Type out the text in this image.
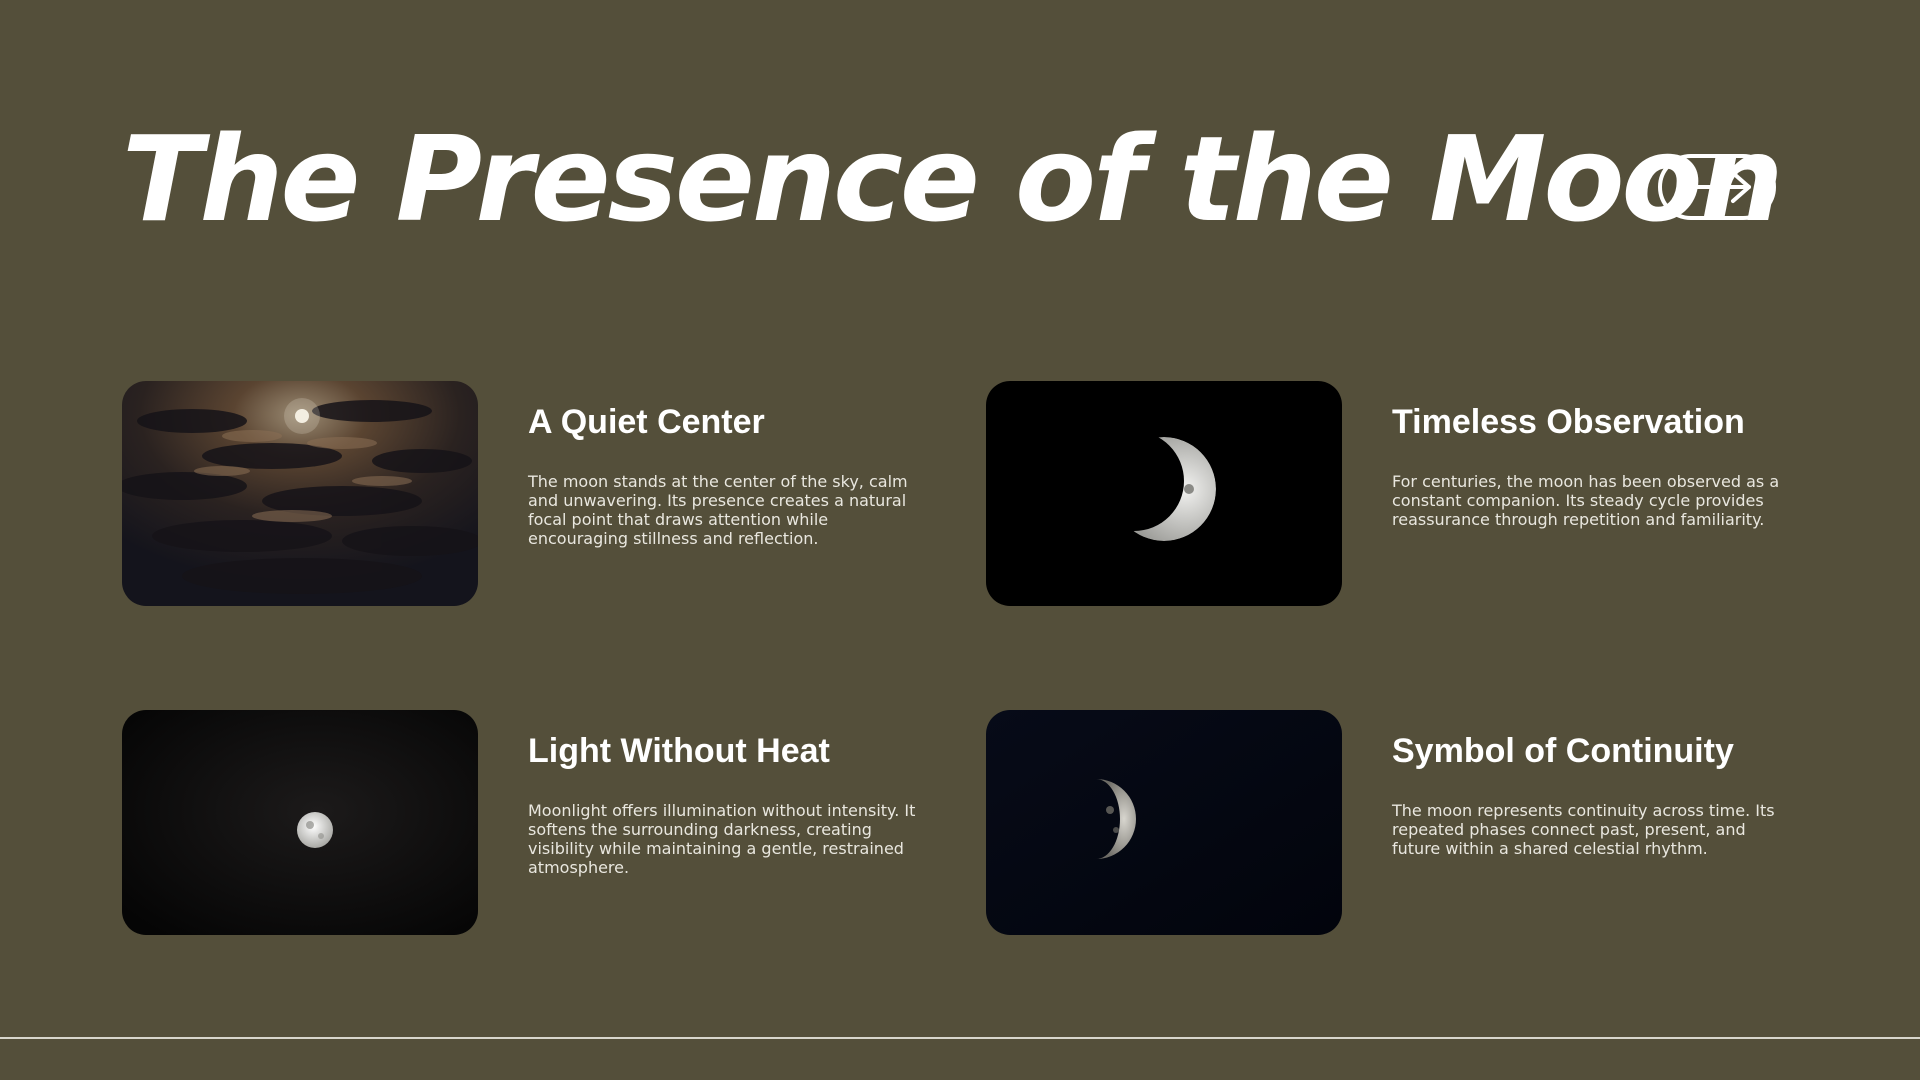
The Presence of the Moon
A Quiet Center

The moon stands at the center of the sky, calm and unwavering. Its presence creates a natural focal point that draws attention while encouraging stillness and reflection.

Timeless Observation

For centuries, the moon has been observed as a constant companion. Its steady cycle provides reassurance through repetition and familiarity.

Light Without Heat

Moonlight offers illumination without intensity. It softens the surrounding darkness, creating visibility while maintaining a gentle, restrained atmosphere.

Symbol of Continuity

The moon represents continuity across time. Its repeated phases connect past, present, and future within a shared celestial rhythm.
